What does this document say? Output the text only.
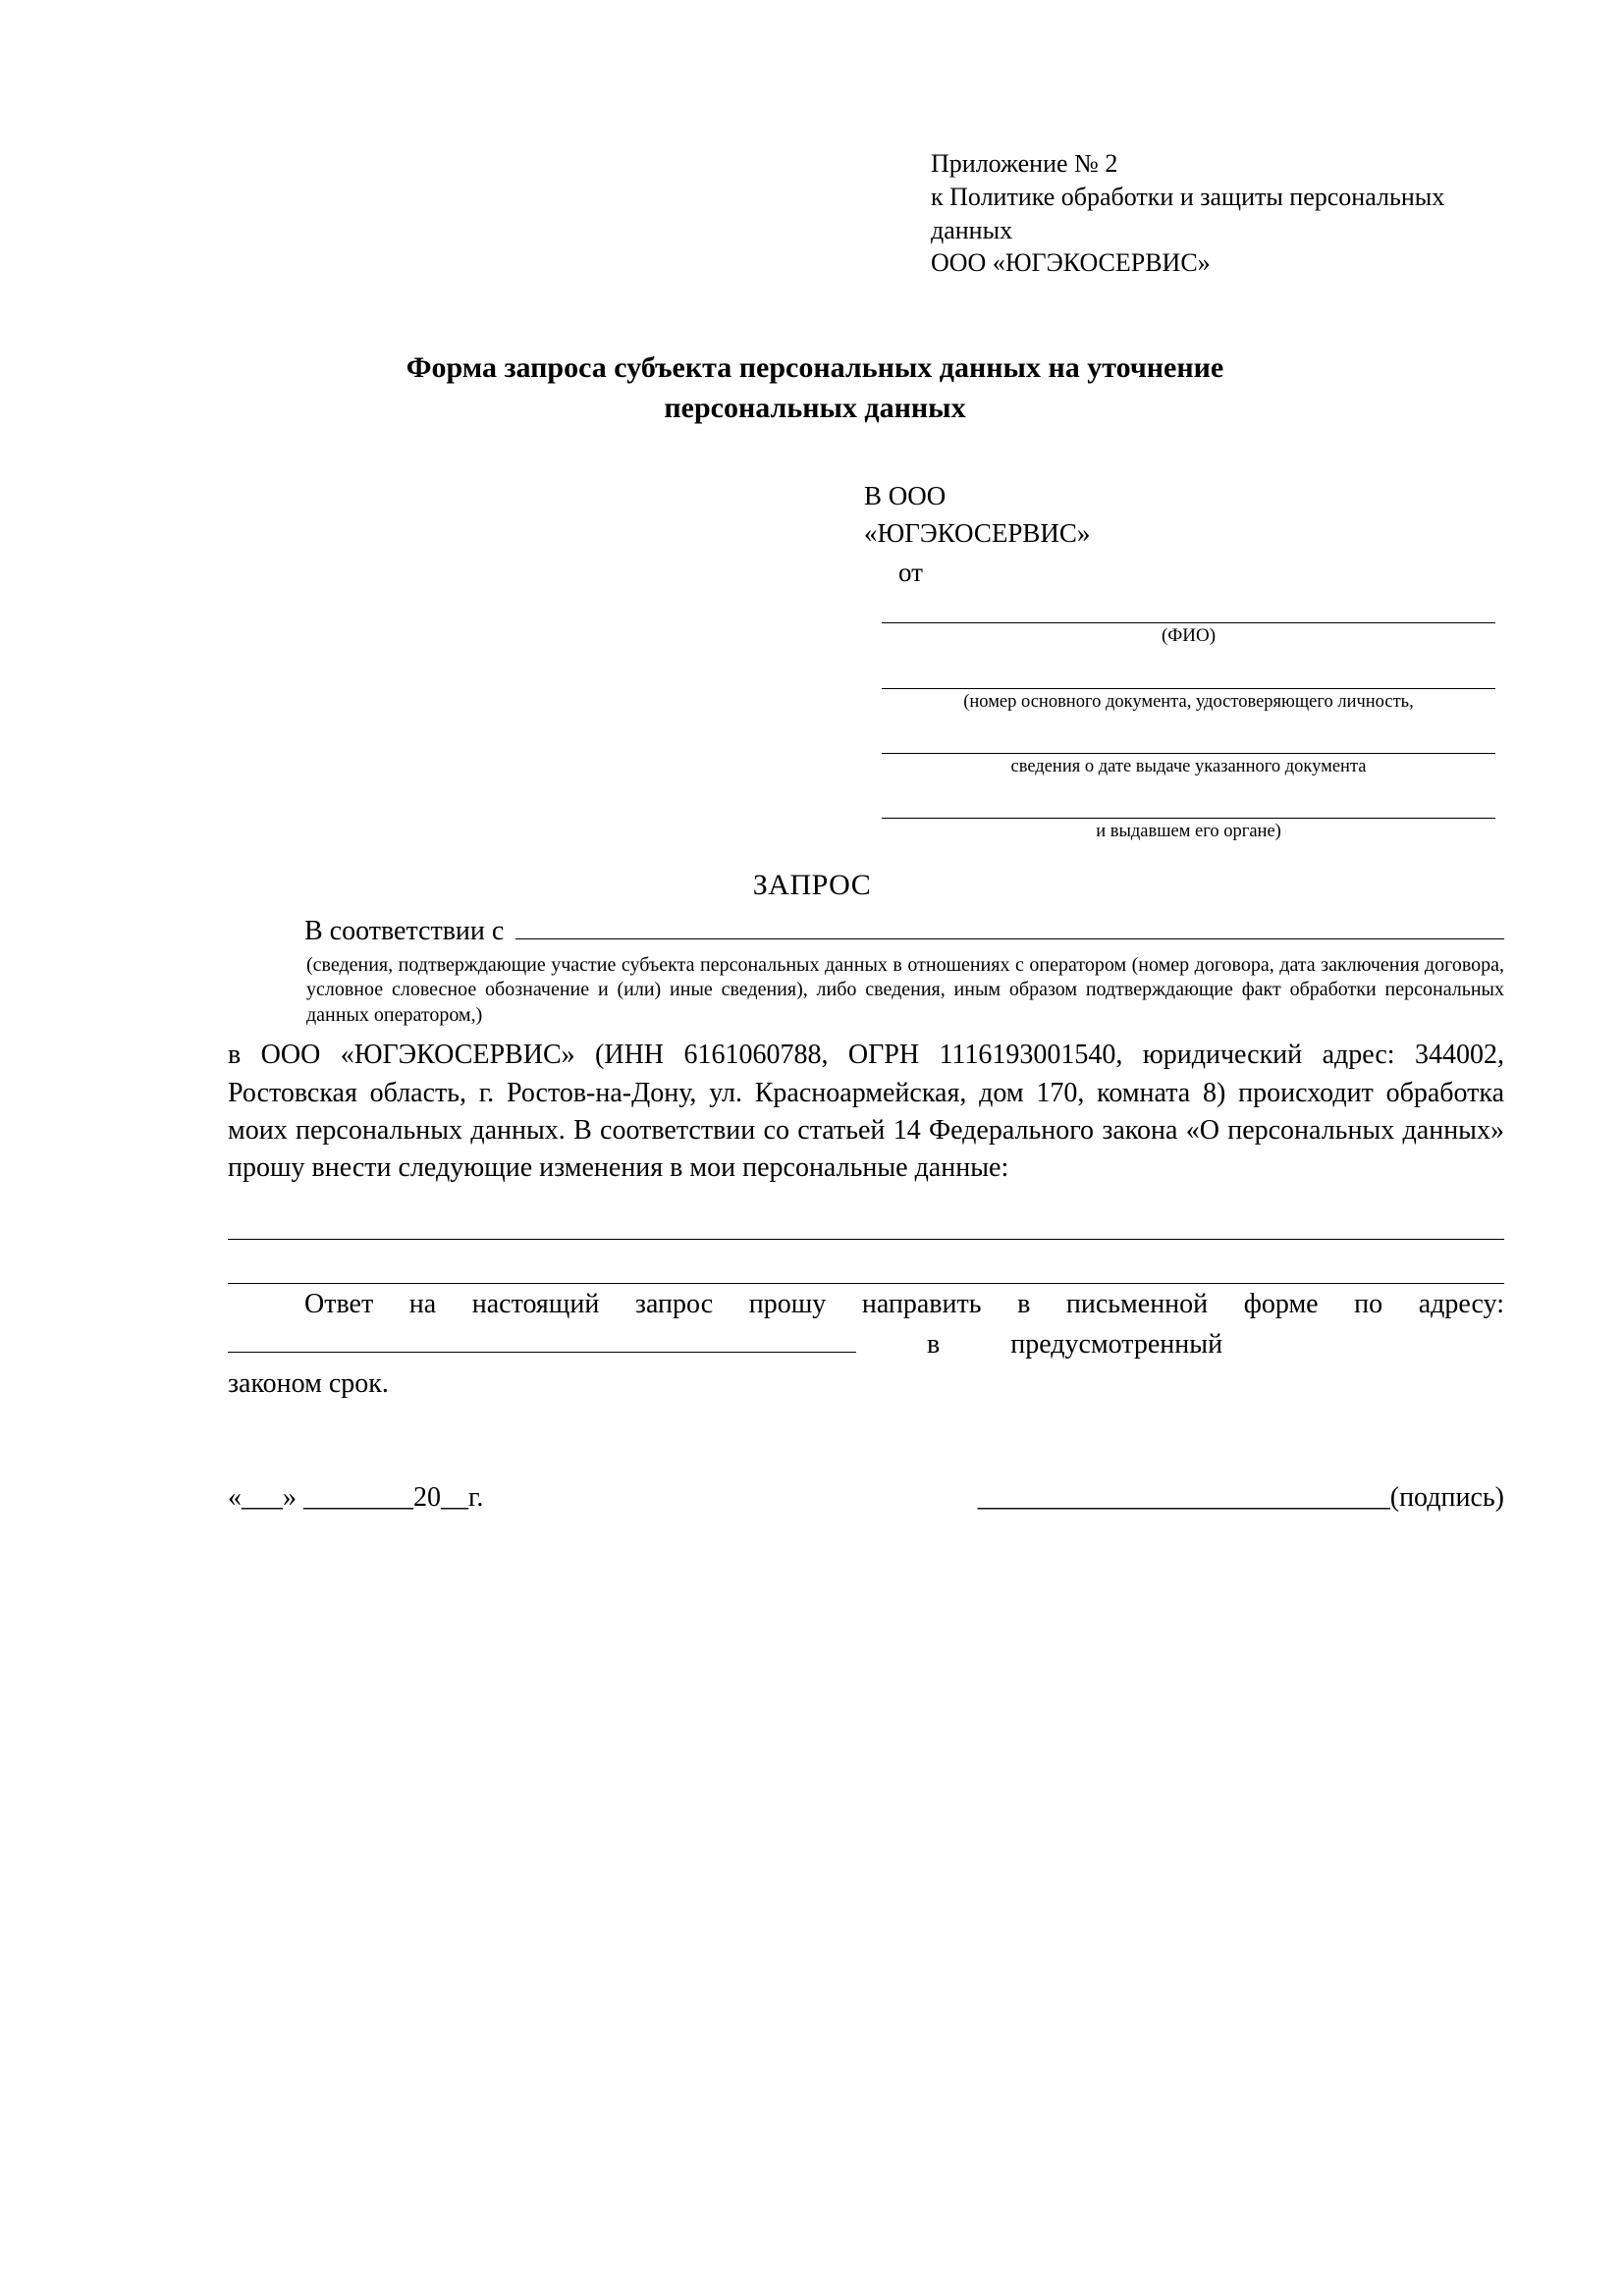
Приложение № 2
к Политике обработки и защиты персональных
данных
ООО «ЮГЭКОСЕРВИС»
Форма запроса субъекта персональных данных на уточнение
персональных данных
В ООО
«ЮГЭКОСЕРВИС»
от
(ФИО)
(номер основного документа, удостоверяющего личность,
сведения о дате выдаче указанного документа
и выдавшем его органе)
ЗАПРОС
В соответствии с
(сведения, подтверждающие участие субъекта персональных данных в отношениях с оператором (номер договора, дата заключения договора, условное словесное обозначение и (или) иные сведения), либо сведения, иным образом подтверждающие факт обработки персональных данных оператором,)
в ООО «ЮГЭКОСЕРВИС» (ИНН 6161060788, ОГРН 1116193001540, юридический адрес: 344002, Ростовская область, г. Ростов-на-Дону, ул. Красноармейская, дом 170, комната 8) происходит обработка моих персональных данных. В соответствии со статьей 14 Федерального закона «О персональных данных» прошу внести следующие изменения в мои персональные данные:
Ответ на настоящий запрос прошу направить в письменной форме по адресу:
в	предусмотренный
законом срок.
«___» ________20__г.	______________________________(подпись)
